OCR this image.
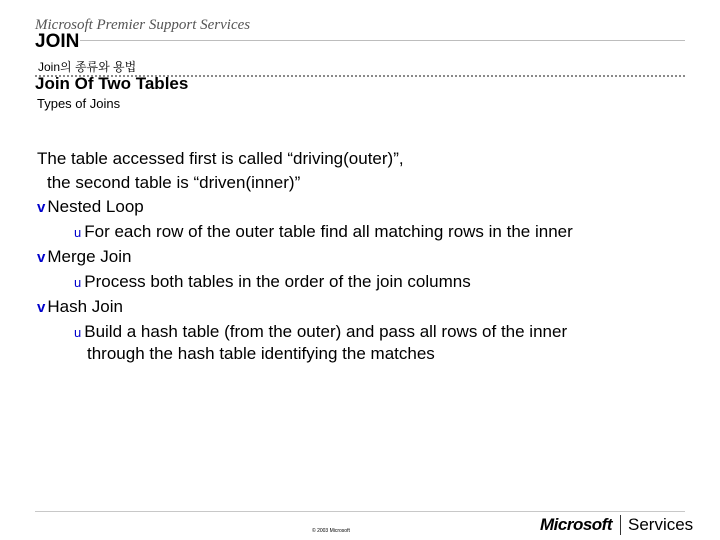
Microsoft Premier Support Services
JOIN
Join의 종류와 용법
Join Of Two Tables
Types of Joins
The table accessed first is called “driving(outer)”,
the second table is “driven(inner)”
v Nested Loop
u For each row of the outer table find all matching rows in the inner
v Merge Join
u Process both tables in the order of the join columns
v Hash Join
u Build a hash table (from the outer) and pass all rows of the inner
through the hash table identifying the matches
© 2003 Microsoft	Microsoft Services
